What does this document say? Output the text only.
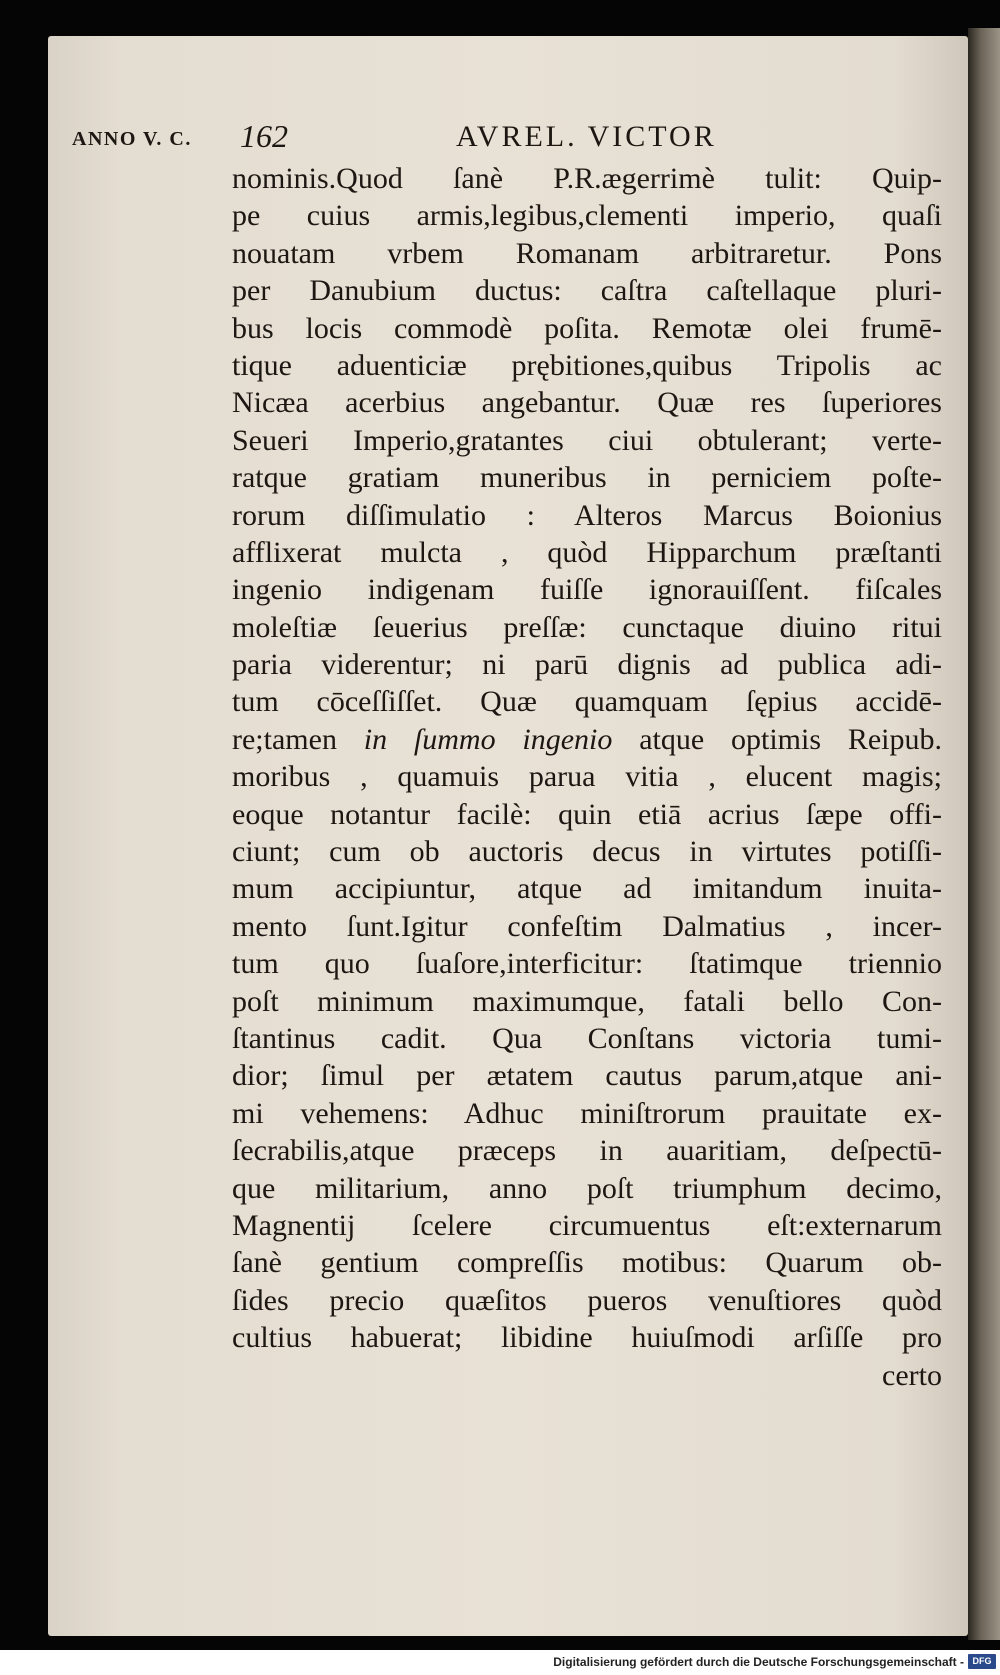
ANNO V. C. 162	AVREL. VICTOR
nominis.Quod ſanè P.R.ægerrimè tulit: Quip-
pe cuius armis,legibus,clementi imperio, quaſi
nouatam vrbem Romanam arbitraretur. Pons
per Danubium ductus: caſtra caſtellaque pluri-
bus locis commodè poſita. Remotæ olei frumē-
tique aduenticiæ prębitiones,quibus Tripolis ac
Nicæa acerbius angebantur. Quæ res ſuperiores
Seueri Imperio,gratantes ciui obtulerant; verte-
ratque gratiam muneribus in perniciem poſte-
rorum diſſimulatio : Alteros Marcus Boionius
afflixerat mulcta , quòd Hipparchum præſtanti
ingenio indigenam fuiſſe ignorauiſſent. fiſcales
moleſtiæ ſeuerius preſſæ: cunctaque diuino ritui
paria viderentur; ni parū dignis ad publica adi-
tum cōceſſiſſet. Quæ quamquam ſępius accidē-
re;tamen in ſummo ingenio atque optimis Reipub.
moribus , quamuis parua vitia , elucent magis;
eoque notantur facilè: quin etiā acrius ſæpe offi-
ciunt; cum ob auctoris decus in virtutes potiſſi-
mum accipiuntur, atque ad imitandum inuita-
mento ſunt.Igitur confeſtim Dalmatius , incer-
tum quo ſuaſore,interficitur: ſtatimque triennio
poſt minimum maximumque, fatali bello Con-
ſtantinus cadit. Qua Conſtans victoria tumi-
dior; ſimul per ætatem cautus parum,atque ani-
mi vehemens: Adhuc miniſtrorum prauitate ex-
ſecrabilis,atque præceps in auaritiam, deſpectū-
que militarium, anno poſt triumphum decimo,
Magnentij ſcelere circumuentus eſt:externarum
ſanè gentium compreſſis motibus: Quarum ob-
ſides precio quæſitos pueros venuſtiores quòd
cultius habuerat; libidine huiuſmodi arſiſſe pro
certo
Digitalisierung gefördert durch die Deutsche Forschungsgemeinschaft - DFG
